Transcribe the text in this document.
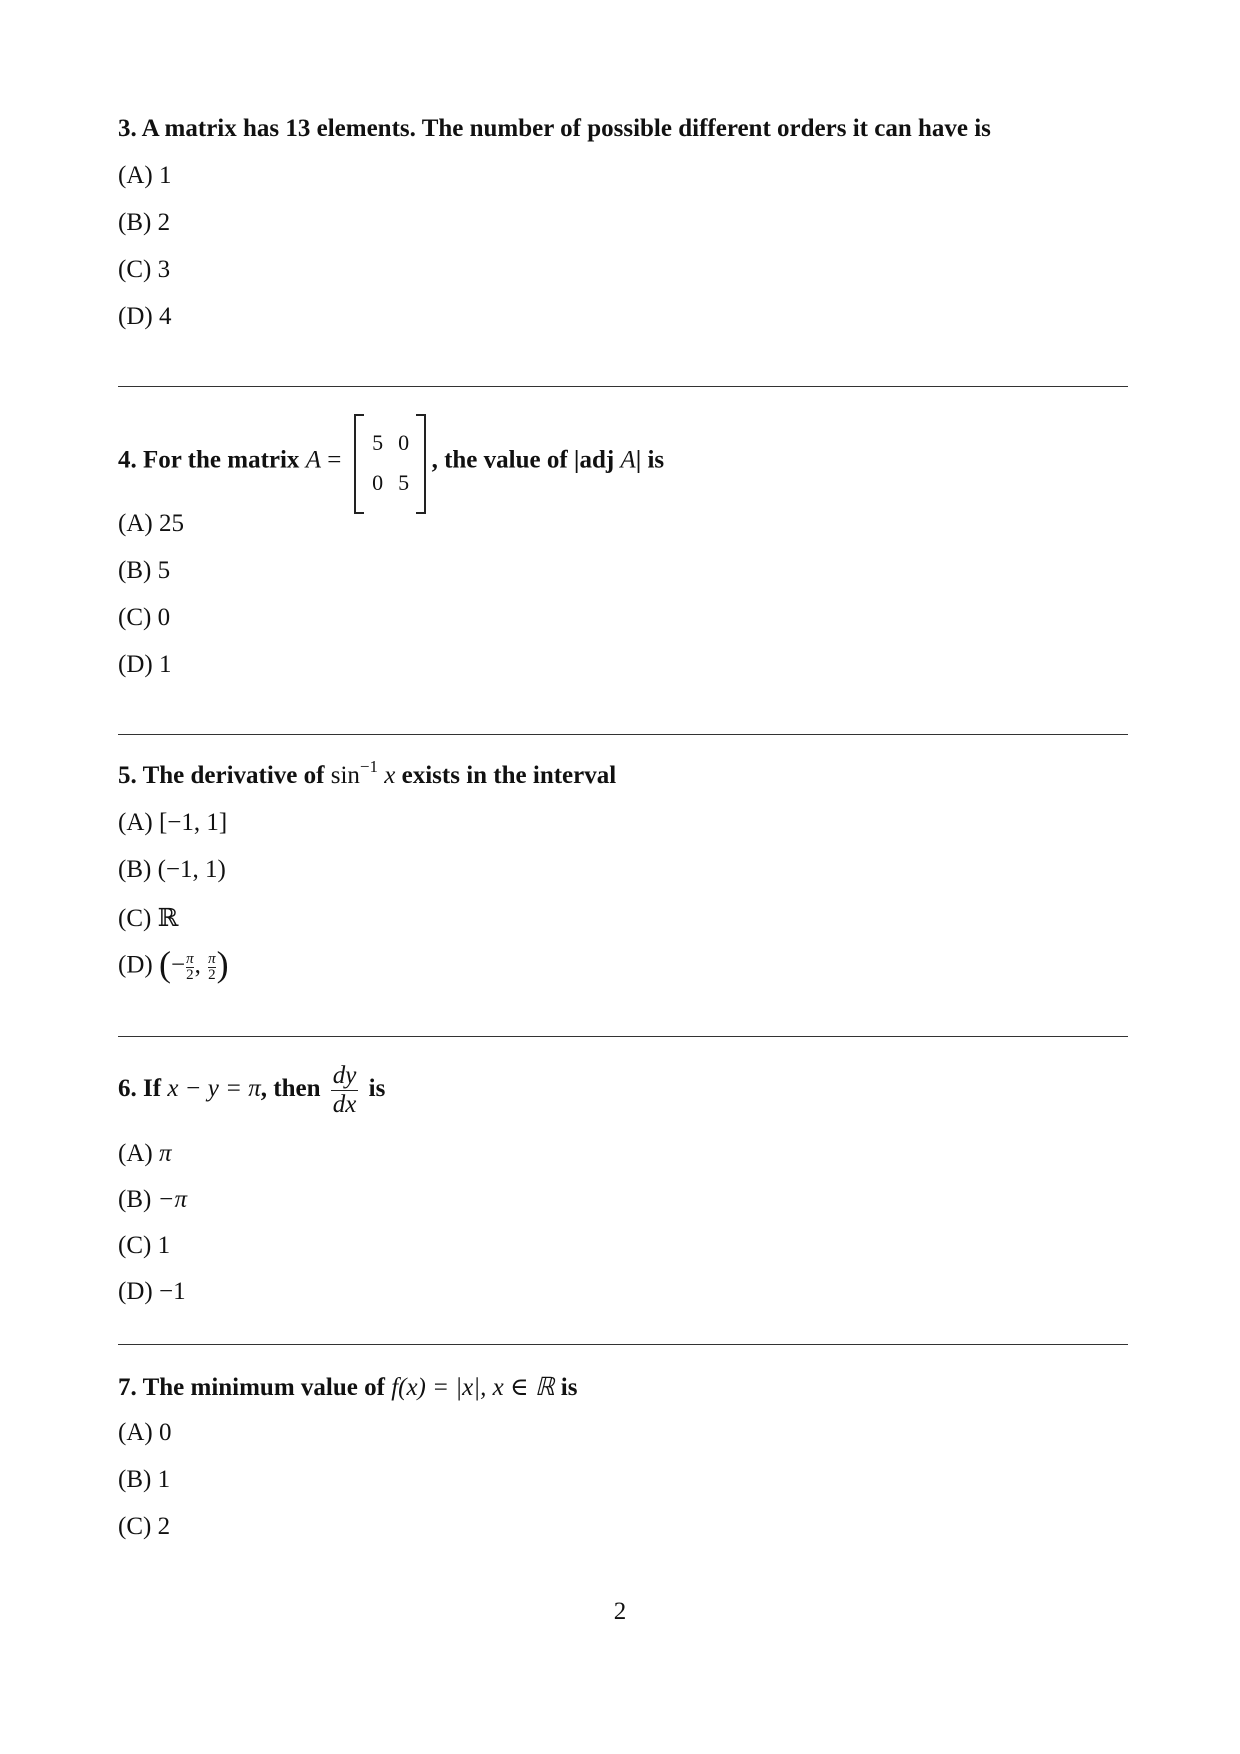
3. A matrix has 13 elements. The number of possible different orders it can have is
(A) 1
(B) 2
(C) 3
(D) 4
4. For the matrix A =
5 0
0 5
, the value of |adj A| is
(A) 25
(B) 5
(C) 0
(D) 1
5. The derivative of $\sin^{-1} x$ exists in the interval
(A) [−1, 1]
(B) (−1, 1)
(C) ℝ
(D) (− $\frac{\pi}{2}$, $\frac{\pi}{2}$)
6. If x − y = π, then $\frac{dy}{dx}$ is
(A) π
(B) −π
(C) 1
(D) −1
7. The minimum value of f(x) = |x|, x ∈ ℝ is
(A) 0
(B) 1
(C) 2
2
